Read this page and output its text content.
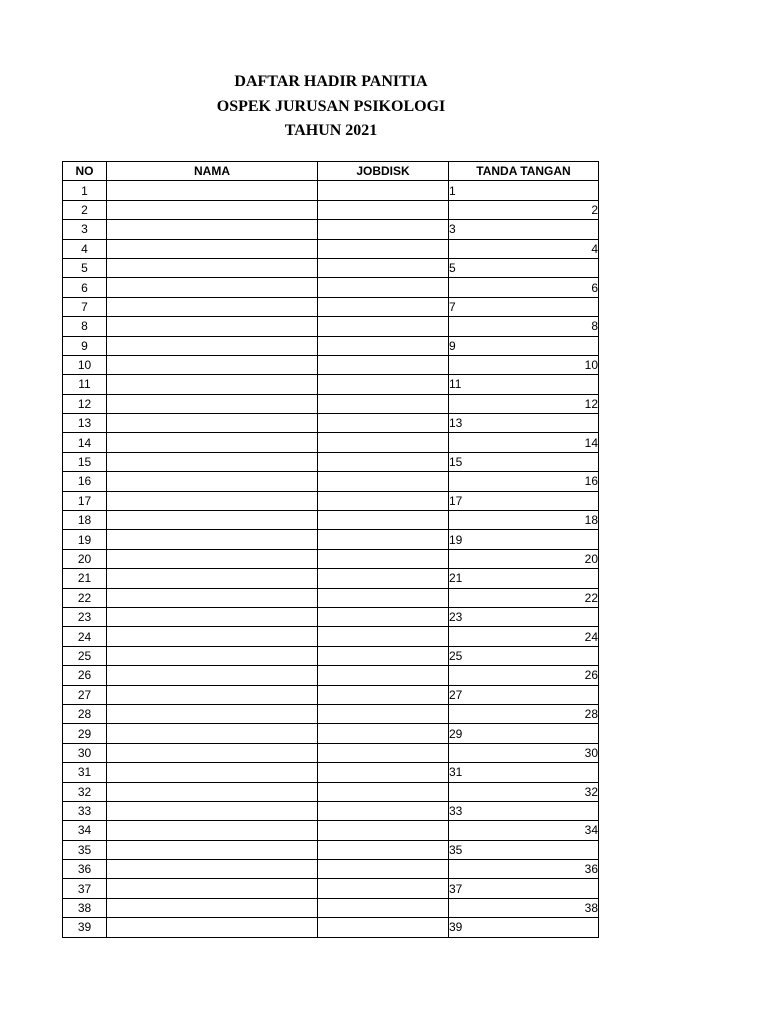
DAFTAR HADIR PANITIA
OSPEK JURUSAN PSIKOLOGI
TAHUN 2021
NO	NAMA	JOBDISK	TANDA TANGAN
1			1
2			2
3			3
4			4
5			5
6			6
7			7
8			8
9			9
10			10
11			11
12			12
13			13
14			14
15			15
16			16
17			17
18			18
19			19
20			20
21			21
22			22
23			23
24			24
25			25
26			26
27			27
28			28
29			29
30			30
31			31
32			32
33			33
34			34
35			35
36			36
37			37
38			38
39			39
